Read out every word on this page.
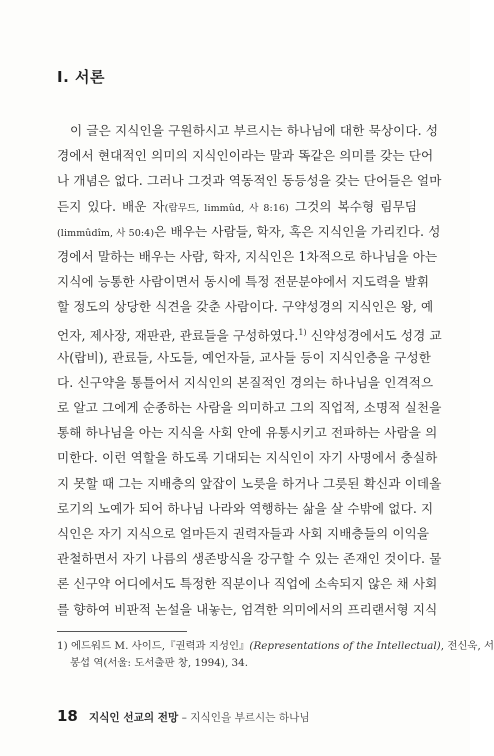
I. 서론
이 글은 지식인을 구원하시고 부르시는 하나님에 대한 묵상이다. 성
경에서 현대적인 의미의 지식인이라는 말과 똑같은 의미를 갖는 단어
나 개념은 없다. 그러나 그것과 역동적인 동등성을 갖는 단어들은 얼마
든지 있다. 배운 자(람무드, limmûd, 사 8:16) 그것의 복수형 림무딤
(limmûdîm, 사 50:4)은 배우는 사람들, 학자, 혹은 지식인을 가리킨다. 성
경에서 말하는 배우는 사람, 학자, 지식인은 1차적으로 하나님을 아는
지식에 능통한 사람이면서 동시에 특정 전문분야에서 지도력을 발휘
할 정도의 상당한 식견을 갖춘 사람이다. 구약성경의 지식인은 왕, 예
언자, 제사장, 재판관, 관료들을 구성하였다.$^{1)}$ 신약성경에서도 성경 교
사(랍비), 관료들, 사도들, 예언자들, 교사들 등이 지식인층을 구성한
다. 신구약을 통틀어서 지식인의 본질적인 경의는 하나님을 인격적으
로 알고 그에게 순종하는 사람을 의미하고 그의 직업적, 소명적 실천을
통해 하나님을 아는 지식을 사회 안에 유통시키고 전파하는 사람을 의
미한다. 이런 역할을 하도록 기대되는 지식인이 자기 사명에서 충실하
지 못할 때 그는 지배층의 앞잡이 노릇을 하거나 그릇된 확신과 이데올
로기의 노예가 되어 하나님 나라와 역행하는 삶을 살 수밖에 없다. 지
식인은 자기 지식으로 얼마든지 권력자들과 사회 지배층들의 이익을
관철하면서 자기 나름의 생존방식을 강구할 수 있는 존재인 것이다. 물
론 신구약 어디에서도 특정한 직분이나 직업에 소속되지 않은 채 사회
를 향하여 비판적 논설을 내놓는, 엄격한 의미에서의 프리랜서형 지식
1) 에드워드 M. 사이드,『권력과 지성인』(Representations of the Intellectual), 전신욱, 서
봉섭 역(서울: 도서출판 창, 1994), 34.
18 지식인 선교의 전망 – 지식인을 부르시는 하나님
